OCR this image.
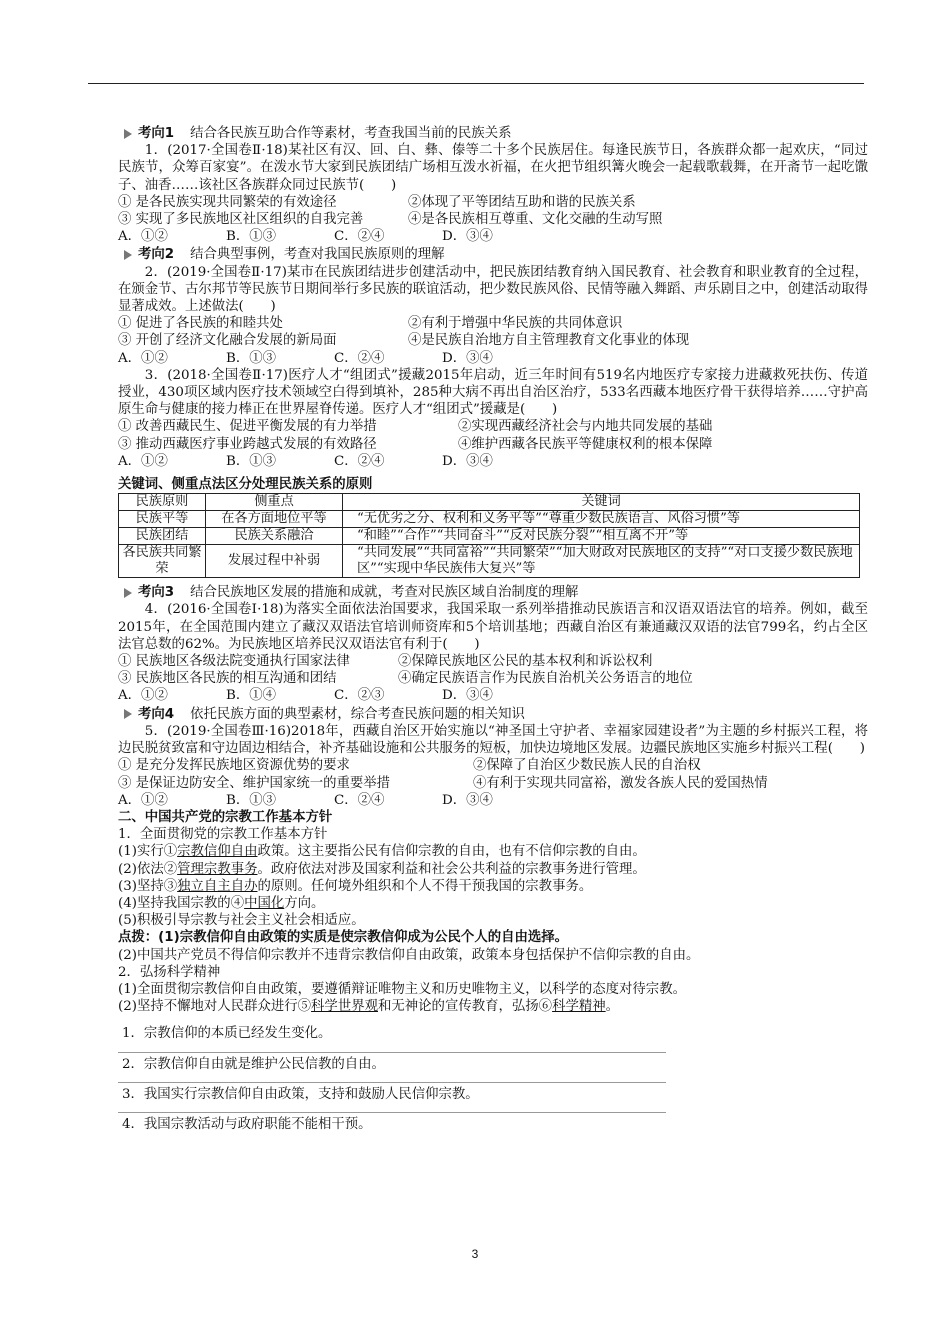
考向1 结合各民族互助合作等素材，考查我国当前的民族关系

1．(2017·全国卷Ⅱ·18)某社区有汉、回、白、彝、傣等二十多个民族居住。每逢民族节日，各族群众都一起欢庆，“同过民族节，众筹百家宴”。在泼水节大家到民族团结广场相互泼水祈福，在火把节组织篝火晚会一起载歌载舞，在开斋节一起吃馓子、油香……该社区各族群众同过民族节(　　)

① 是各民族实现共同繁荣的有效途径	②体现了平等团结互助和谐的民族关系
③ 实现了多民族地区社区组织的自我完善	④是各民族相互尊重、文化交融的生动写照
A．①②	B．①③	C．②④	D．③④
考向2 结合典型事例，考查对我国民族原则的理解

2．(2019·全国卷Ⅱ·17)某市在民族团结进步创建活动中，把民族团结教育纳入国民教育、社会教育和职业教育的全过程，在颁金节、古尔邦节等民族节日期间举行多民族的联谊活动，把少数民族风俗、民情等融入舞蹈、声乐剧目之中，创建活动取得显著成效。上述做法(　　)

① 促进了各民族的和睦共处	②有利于增强中华民族的共同体意识
③ 开创了经济文化融合发展的新局面	④是民族自治地方自主管理教育文化事业的体现
A．①②	B．①③	C．②④	D．③④

3．(2018·全国卷Ⅱ·17)医疗人才“组团式”援藏2015年启动，近三年时间有519名内地医疗专家接力进藏救死扶伤、传道授业，430项区域内医疗技术领域空白得到填补，285种大病不再出自治区治疗，533名西藏本地医疗骨干获得培养……守护高原生命与健康的接力棒正在世界屋脊传递。医疗人才“组团式”援藏是(　　)

① 改善西藏民生、促进平衡发展的有力举措	②实现西藏经济社会与内地共同发展的基础
③ 推动西藏医疗事业跨越式发展的有效路径	④维护西藏各民族平等健康权利的根本保障
A．①②	B．①③	C．②④	D．③④

关键词、侧重点法区分处理民族关系的原则

民族原则	侧重点	关键词
民族平等	在各方面地位平等	“无优劣之分、权利和义务平等”“尊重少数民族语言、风俗习惯”等
民族团结	民族关系融洽	“和睦”“合作”“共同奋斗”“反对民族分裂”“相互离不开”等
各民族共同繁荣	发展过程中补弱	“共同发展”“共同富裕”“共同繁荣”“加大财政对民族地区的支持”“对口支援少数民族地区”“实现中华民族伟大复兴”等
考向3 结合民族地区发展的措施和成就，考查对民族区域自治制度的理解

4．(2016·全国卷Ⅰ·18)为落实全面依法治国要求，我国采取一系列举措推动民族语言和汉语双语法官的培养。例如，截至2015年，在全国范围内建立了藏汉双语法官培训师资库和5个培训基地；西藏自治区有兼通藏汉双语的法官799名，约占全区法官总数的62%。为民族地区培养民汉双语法官有利于(　　)

① 民族地区各级法院变通执行国家法律	②保障民族地区公民的基本权利和诉讼权利
③ 民族地区各民族的相互沟通和团结	④确定民族语言作为民族自治机关公务语言的地位
A．①②	B．①④	C．②③	D．③④
考向4 依托民族方面的典型素材，综合考查民族问题的相关知识

5．(2019·全国卷Ⅲ·16)2018年，西藏自治区开始实施以“神圣国土守护者、幸福家园建设者”为主题的乡村振兴工程，将边民脱贫致富和守边固边相结合，补齐基础设施和公共服务的短板，加快边境地区发展。边疆民族地区实施乡村振兴工程(　　)

① 是充分发挥民族地区资源优势的要求	②保障了自治区少数民族人民的自治权
③ 是保证边防安全、维护国家统一的重要举措	④有利于实现共同富裕，激发各族人民的爱国热情
A．①②	B．①③	C．②④	D．③④

二、中国共产党的宗教工作基本方针

1．全面贯彻党的宗教工作基本方针

(1)实行①宗教信仰自由政策。这主要指公民有信仰宗教的自由，也有不信仰宗教的自由。

(2)依法②管理宗教事务。政府依法对涉及国家利益和社会公共利益的宗教事务进行管理。

(3)坚持③独立自主自办的原则。任何境外组织和个人不得干预我国的宗教事务。

(4)坚持我国宗教的④中国化方向。

(5)积极引导宗教与社会主义社会相适应。

点拨：(1)宗教信仰自由政策的实质是使宗教信仰成为公民个人的自由选择。

(2)中国共产党员不得信仰宗教并不违背宗教信仰自由政策，政策本身包括保护不信仰宗教的自由。

2．弘扬科学精神

(1)全面贯彻宗教信仰自由政策，要遵循辩证唯物主义和历史唯物主义，以科学的态度对待宗教。

(2)坚持不懈地对人民群众进行⑤科学世界观和无神论的宣传教育，弘扬⑥科学精神。

1．宗教信仰的本质已经发生变化。

2．宗教信仰自由就是维护公民信教的自由。

3．我国实行宗教信仰自由政策，支持和鼓励人民信仰宗教。

4．我国宗教活动与政府职能不能相干预。

3
